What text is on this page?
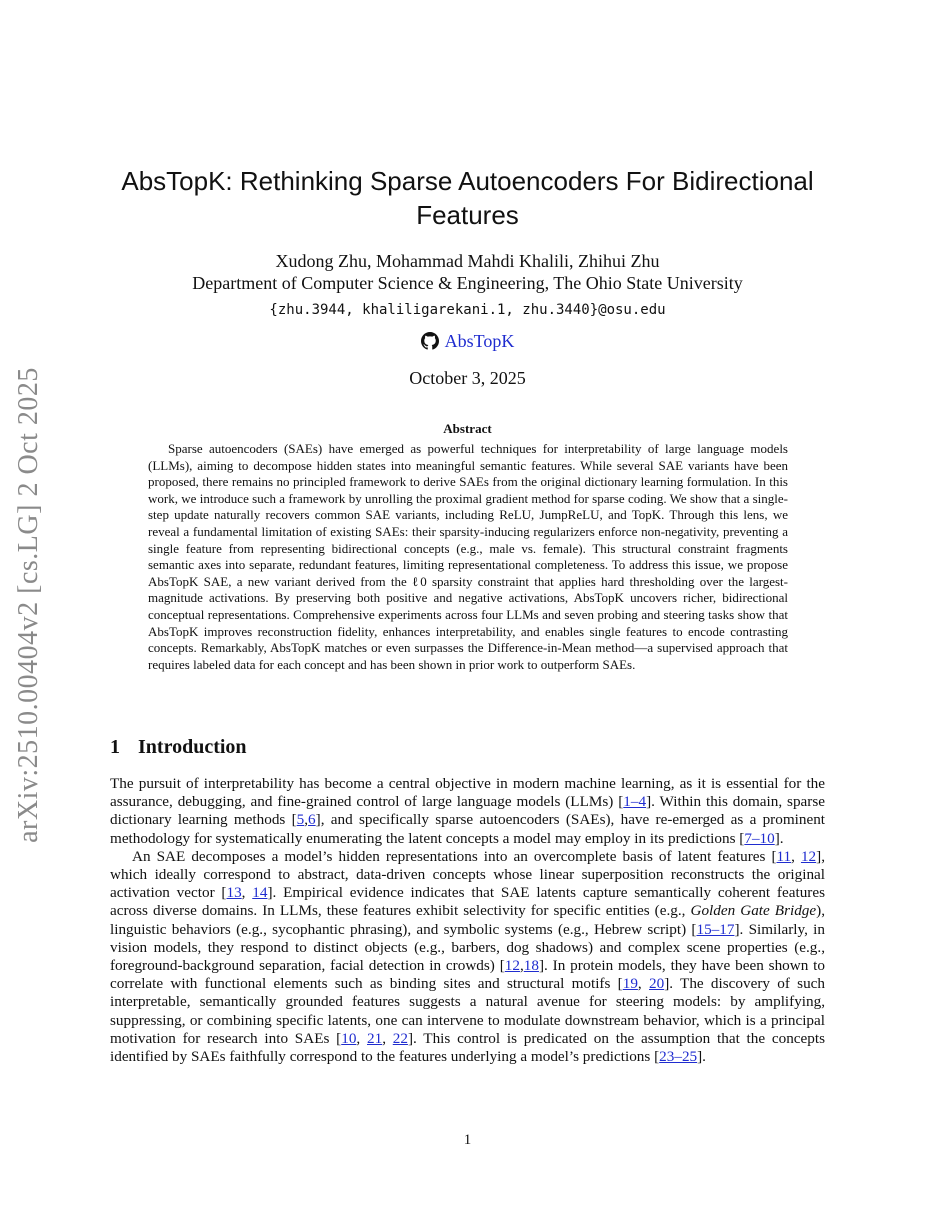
arXiv:2510.00404v2 [cs.LG] 2 Oct 2025
AbsTopK: Rethinking Sparse Autoencoders For Bidirectional
Features
Xudong Zhu, Mohammad Mahdi Khalili, Zhihui Zhu
Department of Computer Science & Engineering, The Ohio State University
{zhu.3944, khaliligarekani.1, zhu.3440}@osu.edu
AbsTopK
October 3, 2025
Abstract

Sparse autoencoders (SAEs) have emerged as powerful techniques for interpretability of large language models (LLMs), aiming to decompose hidden states into meaningful semantic features. While several SAE variants have been proposed, there remains no principled framework to derive SAEs from the original dictionary learning formulation. In this work, we introduce such a framework by unrolling the proximal gradient method for sparse coding. We show that a single-step update naturally recovers common SAE variants, including ReLU, JumpReLU, and TopK. Through this lens, we reveal a fundamental limitation of existing SAEs: their sparsity-inducing regularizers enforce non-negativity, preventing a single feature from representing bidirectional concepts (e.g., male vs. female). This structural constraint fragments semantic axes into separate, redundant features, limiting representational completeness. To address this issue, we propose AbsTopK SAE, a new variant derived from the ℓ0 sparsity constraint that applies hard thresholding over the largest-magnitude activations. By preserving both positive and negative activations, AbsTopK uncovers richer, bidirectional conceptual representations. Comprehensive experiments across four LLMs and seven probing and steering tasks show that AbsTopK improves reconstruction fidelity, enhances interpretability, and enables single features to encode contrasting concepts. Remarkably, AbsTopK matches or even surpasses the Difference-in-Mean method—a supervised approach that requires labeled data for each concept and has been shown in prior work to outperform SAEs.

1 Introduction

The pursuit of interpretability has become a central objective in modern machine learning, as it is essential for the assurance, debugging, and fine-grained control of large language models (LLMs) [1–4]. Within this domain, sparse dictionary learning methods [5,6], and specifically sparse autoencoders (SAEs), have re-emerged as a prominent methodology for systematically enumerating the latent concepts a model may employ in its predictions [7–10].

An SAE decomposes a model’s hidden representations into an overcomplete basis of latent features [11, 12], which ideally correspond to abstract, data-driven concepts whose linear superposition reconstructs the original activation vector [13, 14]. Empirical evidence indicates that SAE latents capture semantically coherent features across diverse domains. In LLMs, these features exhibit selectivity for specific entities (e.g., Golden Gate Bridge), linguistic behaviors (e.g., sycophantic phrasing), and symbolic systems (e.g., Hebrew script) [15–17]. Similarly, in vision models, they respond to distinct objects (e.g., barbers, dog shadows) and complex scene properties (e.g., foreground-background separation, facial detection in crowds) [12,18]. In protein models, they have been shown to correlate with functional elements such as binding sites and structural motifs [19, 20]. The discovery of such interpretable, semantically grounded features suggests a natural avenue for steering models: by amplifying, suppressing, or combining specific latents, one can intervene to modulate downstream behavior, which is a principal motivation for research into SAEs [10, 21, 22]. This control is predicated on the assumption that the concepts identified by SAEs faithfully correspond to the features underlying a model’s predictions [23–25].

1
